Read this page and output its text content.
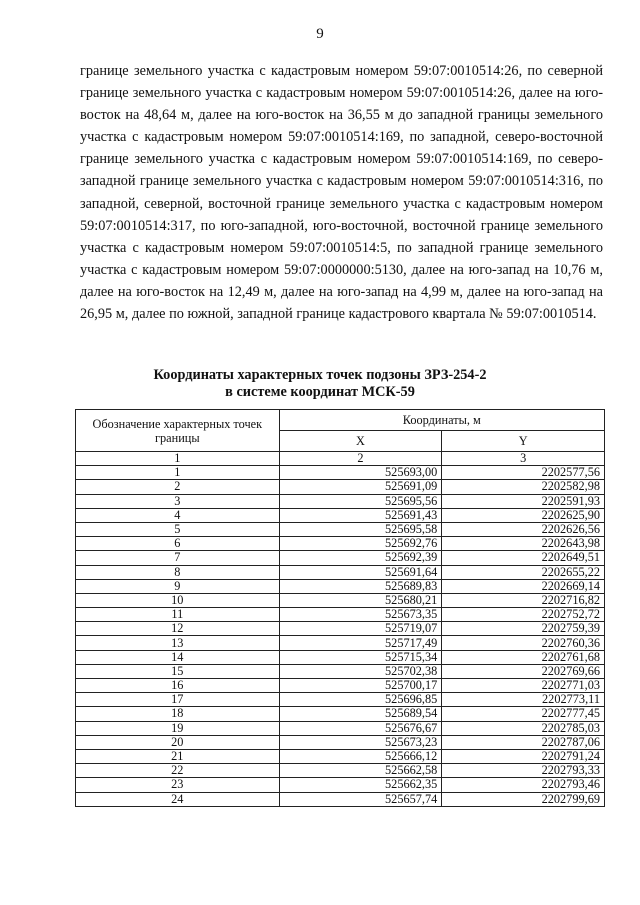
9
границе земельного участка с кадастровым номером 59:07:0010514:26, по северной границе земельного участка с кадастровым номером 59:07:0010514:26, далее на юго-восток на 48,64 м, далее на юго-восток на 36,55 м до западной границы земельного участка с кадастровым номером 59:07:0010514:169, по западной, северо-восточной границе земельного участка с кадастровым номером 59:07:0010514:169, по северо-западной границе земельного участка с кадастровым номером 59:07:0010514:316, по западной, северной, восточной границе земельного участка с кадастровым номером 59:07:0010514:317, по юго-западной, юго-восточной, восточной границе земельного участка с кадастровым номером 59:07:0010514:5, по западной границе земельного участка с кадастровым номером 59:07:0000000:5130, далее на юго-запад на 10,76 м, далее на юго-восток на 12,49 м, далее на юго-запад на 4,99 м, далее на юго-запад на 26,95 м, далее по южной, западной границе кадастрового квартала № 59:07:0010514.
Координаты характерных точек подзоны ЗРЗ-254-2
в системе координат МСК-59
Обозначение характерных точек границы	Координаты, м	
	X	Y
1	2	3
1	525693,00	2202577,56
2	525691,09	2202582,98
3	525695,56	2202591,93
4	525691,43	2202625,90
5	525695,58	2202626,56
6	525692,76	2202643,98
7	525692,39	2202649,51
8	525691,64	2202655,22
9	525689,83	2202669,14
10	525680,21	2202716,82
11	525673,35	2202752,72
12	525719,07	2202759,39
13	525717,49	2202760,36
14	525715,34	2202761,68
15	525702,38	2202769,66
16	525700,17	2202771,03
17	525696,85	2202773,11
18	525689,54	2202777,45
19	525676,67	2202785,03
20	525673,23	2202787,06
21	525666,12	2202791,24
22	525662,58	2202793,33
23	525662,35	2202793,46
24	525657,74	2202799,69
